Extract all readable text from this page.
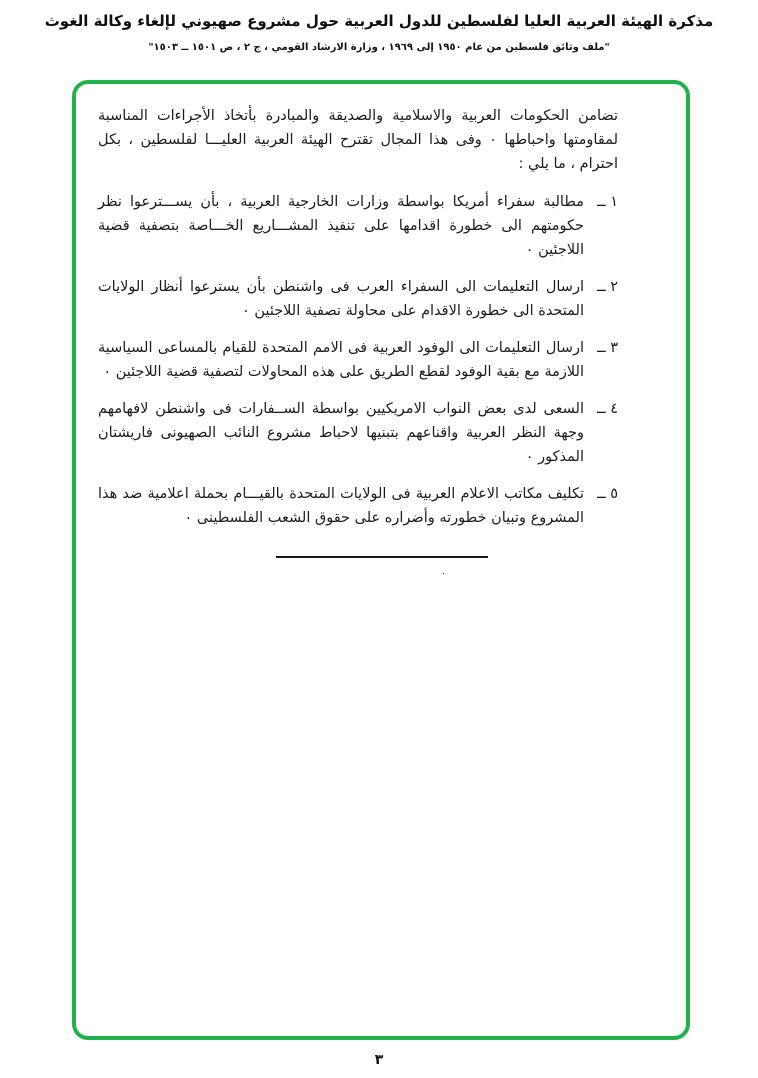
مذكرة الهيئة العربية العليا لفلسطين للدول العربية حول مشروع صهيوني لإلغاء وكالة الغوث
"ملف وثائق فلسطين من عام ١٩٥٠ إلى ١٩٦٩ ، وزارة الارشاد القومي ، ج ٢ ، ص ١٥٠١ ــ ١٥٠٣"
تضامن الحكومات العربية والاسلامية والصديقة والمبادرة بأتخاذ الأجراءات المناسبة لمقاومتها واحباطها ٠ وفى هذا المجال تقترح الهيئة العربية العليـــا لفلسطين ، بكل احترام ، ما يلي :
١ ــ
مطالبة سفراء أمريكا بواسطة وزارات الخارجية العربية ، بأن يســـترعوا نظر حكومتهم الى خطورة اقدامها على تنفيذ المشـــاريع الخـــاصة بتصفية قضية اللاجئين ٠
٢ ــ
ارسال التعليمات الى السفراء العرب فى واشنطن بأن يسترعوا أنظار الولايات المتحدة الى خطورة الاقدام على محاولة تصفية اللاجئين ٠
٣ ــ
ارسال التعليمات الى الوفود العربية فى الامم المتحدة للقيام بالمساعى السياسية اللازمة مع بقية الوفود لقطع الطريق على هذه المحاولات لتصفية قضية اللاجئين ٠
٤ ــ
السعى لدى بعض النواب الامريكيين بواسطة الســفارات فى واشنطن لافهامهم وجهة النظر العربية واقناعهم بتبنيها لاحباط مشروع النائب الصهيونى فاريشتان المذكور ٠
٥ ــ
تكليف مكاتب الاعلام العربية فى الولايات المتحدة بالقيـــام بحملة اعلامية ضد هذا المشروع وتبيان خطورته وأضراره على حقوق الشعب الفلسطينى ٠
٠
٣
